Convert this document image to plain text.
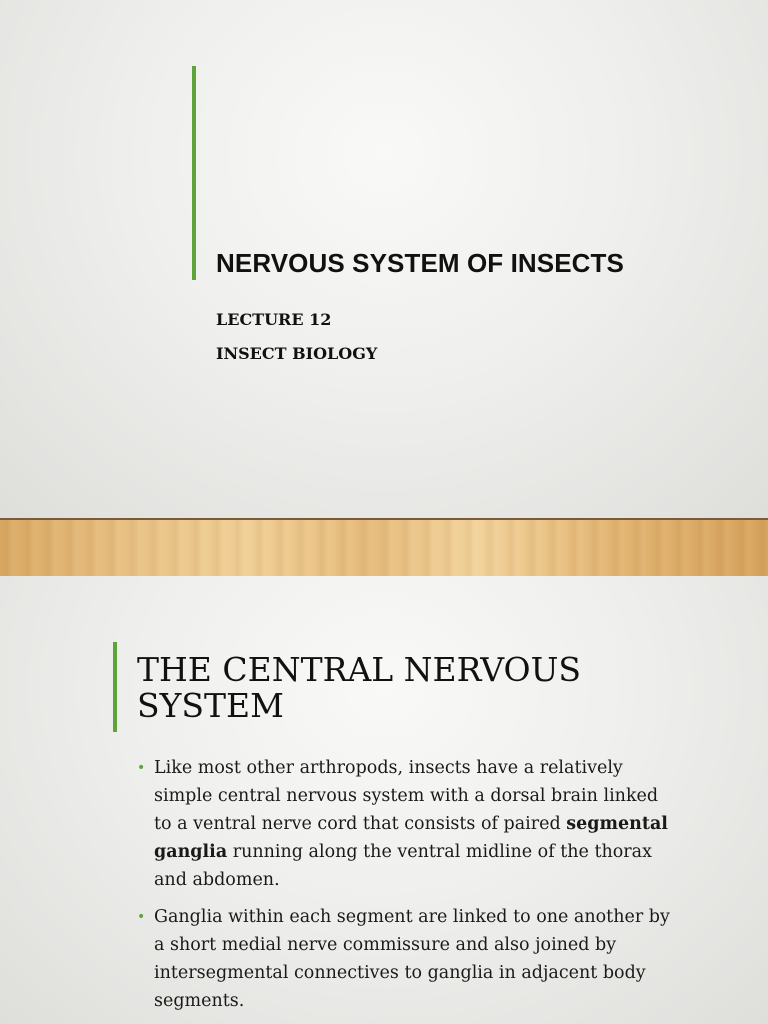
NERVOUS SYSTEM OF INSECTS
LECTURE 12
INSECT BIOLOGY
THE CENTRAL NERVOUS SYSTEM
• Like most other arthropods, insects have a relatively simple central nervous system with a dorsal brain linked to a ventral nerve cord that consists of paired segmental ganglia running along the ventral midline of the thorax and abdomen.
• Ganglia within each segment are linked to one another by a short medial nerve commissure and also joined by intersegmental connectives to ganglia in adjacent body segments.
